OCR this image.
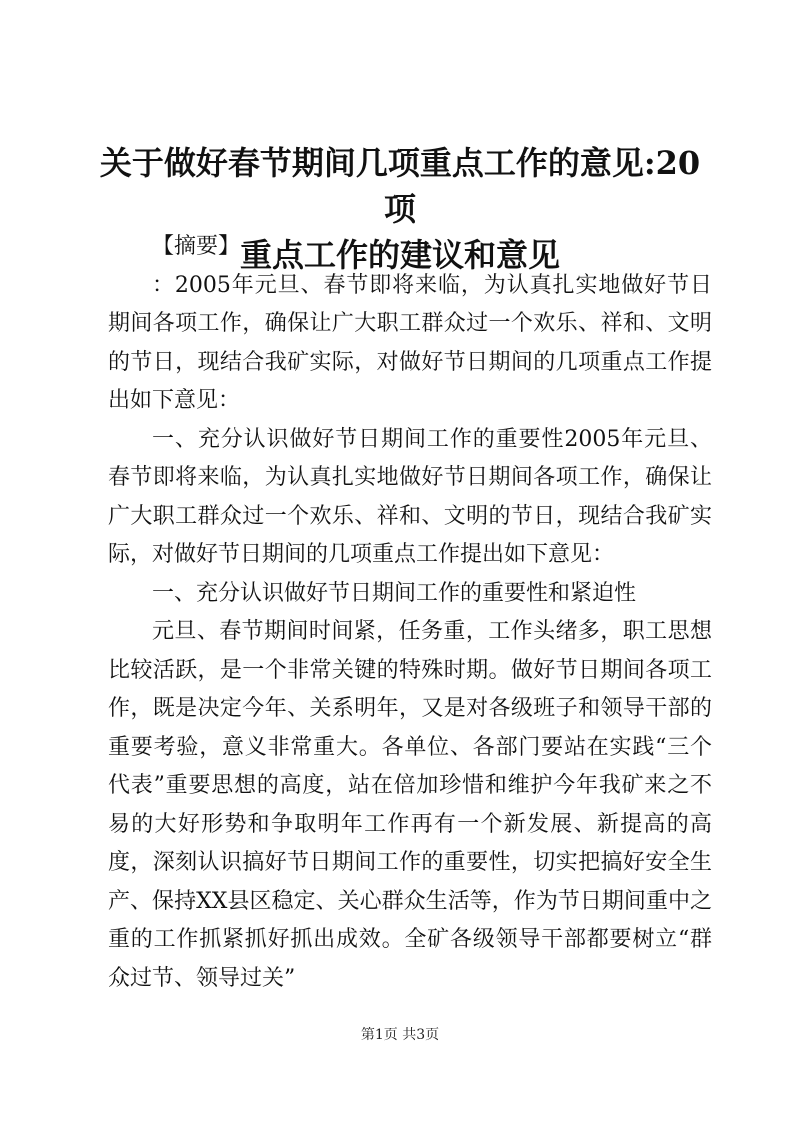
关于做好春节期间几项重点工作的意见:20项
重点工作的建议和意见

【摘要】

：2005年元旦、春节即将来临，为认真扎实地做好节日期间各项工作，确保让广大职工群众过一个欢乐、祥和、文明的节日，现结合我矿实际，对做好节日期间的几项重点工作提出如下意见：

一、充分认识做好节日期间工作的重要性2005年元旦、春节即将来临，为认真扎实地做好节日期间各项工作，确保让广大职工群众过一个欢乐、祥和、文明的节日，现结合我矿实际，对做好节日期间的几项重点工作提出如下意见：

一、充分认识做好节日期间工作的重要性和紧迫性

元旦、春节期间时间紧，任务重，工作头绪多，职工思想比较活跃，是一个非常关键的特殊时期。做好节日期间各项工作，既是决定今年、关系明年，又是对各级班子和领导干部的重要考验，意义非常重大。各单位、各部门要站在实践“三个代表”重要思想的高度，站在倍加珍惜和维护今年我矿来之不易的大好形势和争取明年工作再有一个新发展、新提高的高度，深刻认识搞好节日期间工作的重要性，切实把搞好安全生产、保持XX县区稳定、关心群众生活等，作为节日期间重中之重的工作抓紧抓好抓出成效。全矿各级领导干部都要树立“群众过节、领导过关”

第1页 共3页
